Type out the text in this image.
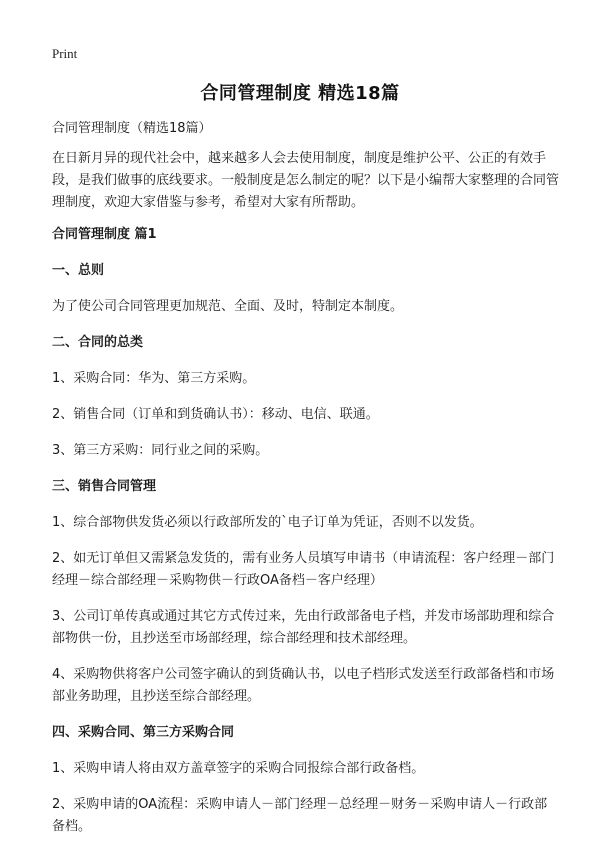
Print
合同管理制度 精选18篇

合同管理制度（精选18篇）

在日新月异的现代社会中，越来越多人会去使用制度，制度是维护公平、公正的有效手段，是我们做事的底线要求。一般制度是怎么制定的呢？以下是小编帮大家整理的合同管理制度，欢迎大家借鉴与参考，希望对大家有所帮助。

合同管理制度 篇1

一、总则

为了使公司合同管理更加规范、全面、及时，特制定本制度。

二、合同的总类

1、采购合同：华为、第三方采购。

2、销售合同（订单和到货确认书）：移动、电信、联通。

3、第三方采购：同行业之间的采购。

三、销售合同管理

1、综合部物供发货必须以行政部所发的`电子订单为凭证，否则不以发货。

2、如无订单但又需紧急发货的，需有业务人员填写申请书（申请流程：客户经理－部门经理－综合部经理－采购物供－行政OA备档－客户经理）

3、公司订单传真或通过其它方式传过来，先由行政部备电子档，并发市场部助理和综合部物供一份，且抄送至市场部经理，综合部经理和技术部经理。

4、采购物供将客户公司签字确认的到货确认书，以电子档形式发送至行政部备档和市场部业务助理，且抄送至综合部经理。

四、采购合同、第三方采购合同

1、采购申请人将由双方盖章签字的采购合同报综合部行政备档。

2、采购申请的OA流程：采购申请人－部门经理－总经理－财务－采购申请人－行政部备档。
